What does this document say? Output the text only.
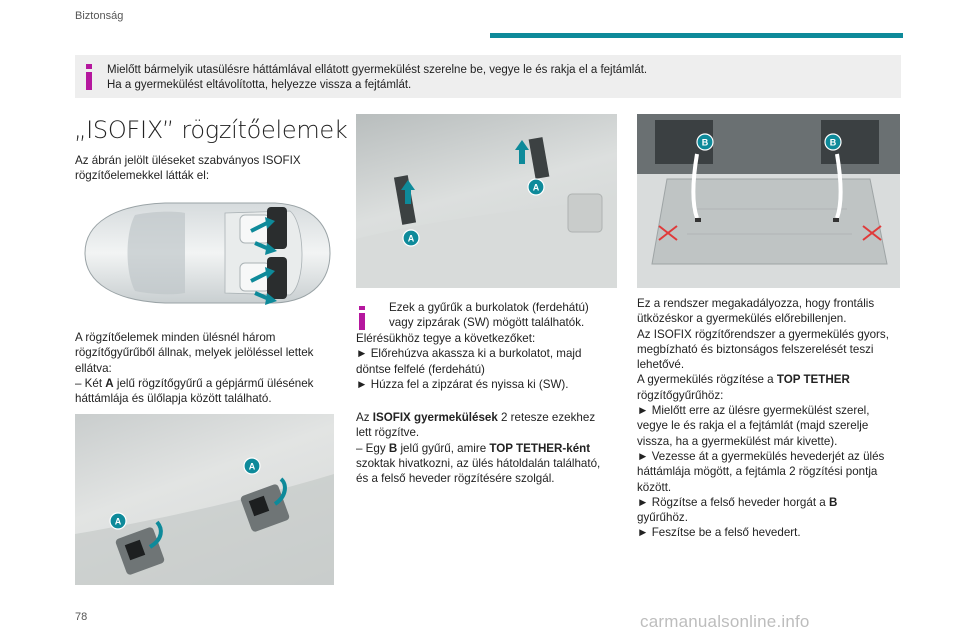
Biztonság
Mielőtt bármelyik utasülésre háttámlával ellátott gyermekülést szerelne be, vegye le és rakja el a fejtámlát.
Ha a gyermekülést eltávolította, helyezze vissza a fejtámlát.
„ISOFIX” rögzítőelemek
Az ábrán jelölt üléseket szabványos ISOFIX
rögzítőelemekkel látták el:
A rögzítőelemek minden ülésnél három
rögzítőgyűrűből állnak, melyek jelöléssel lettek
ellátva:
– Két A jelű rögzítőgyűrű a gépjármű ülésének
háttámlája és ülőlapja között található.
A
A
A
A
Ezek a gyűrűk a burkolatok (ferdehátú)
vagy zipzárak (SW) mögött találhatók.
Elérésükhöz tegye a következőket:
► Előrehúzva akassza ki a burkolatot, majd
döntse felfelé (ferdehátú)
► Húzza fel a zipzárat és nyissa ki (SW).
Az ISOFIX gyermekülések 2 retesze ezekhez
lett rögzítve.
– Egy B jelű gyűrű, amire TOP TETHER-ként
szoktak hivatkozni, az ülés hátoldalán található,
és a felső heveder rögzítésére szolgál.
B	B
Ez a rendszer megakadályozza, hogy frontális
ütközéskor a gyermekülés előrebillenjen.
Az ISOFIX rögzítőrendszer a gyermekülés gyors,
megbízható és biztonságos felszerelését teszi
lehetővé.
A gyermekülés rögzítése a TOP TETHER
rögzítőgyűrűhöz:
► Mielőtt erre az ülésre gyermekülést szerel,
vegye le és rakja el a fejtámlát (majd szerelje
vissza, ha a gyermekülést már kivette).
► Vezesse át a gyermekülés hevederjét az ülés
háttámlája mögött, a fejtámla 2 rögzítési pontja
között.
► Rögzítse a felső heveder horgát a B
gyűrűhöz.
► Feszítse be a felső hevedert.
78	carmanualsonline.info
